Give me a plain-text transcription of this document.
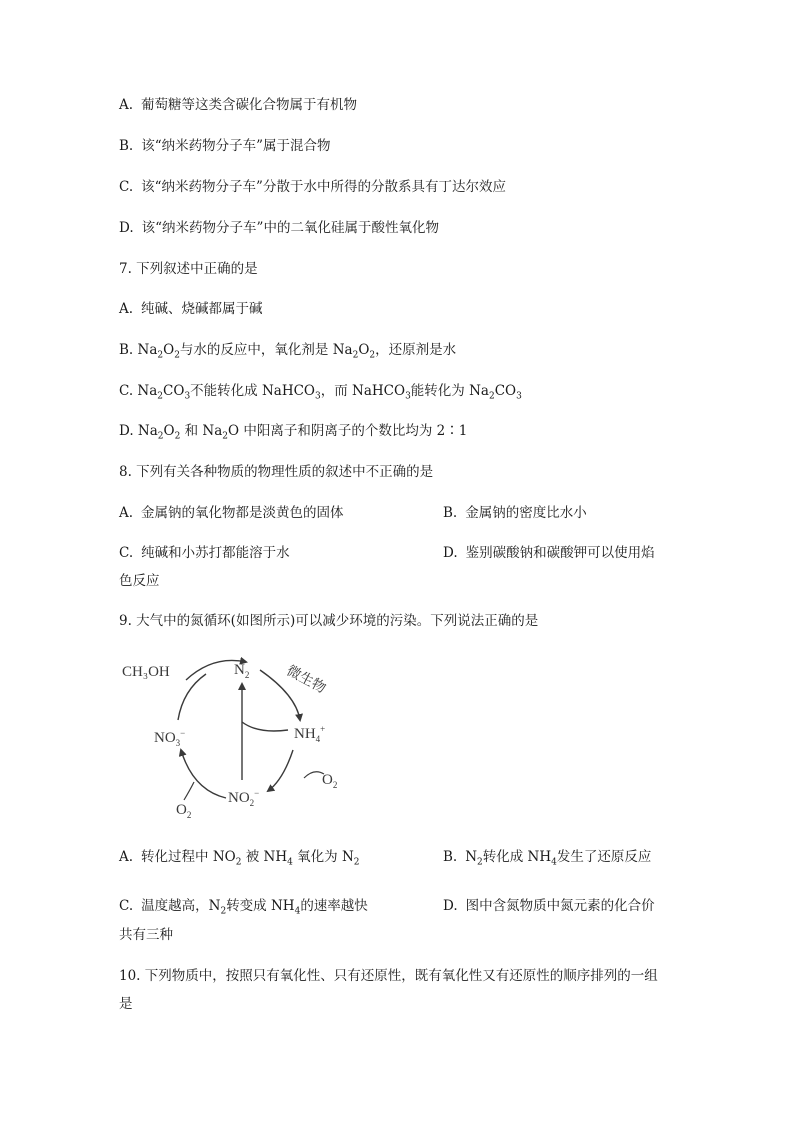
A. 葡萄糖等这类含碳化合物属于有机物
B. 该“纳米药物分子车”属于混合物
C. 该“纳米药物分子车”分散于水中所得的分散系具有丁达尔效应
D. 该“纳米药物分子车”中的二氧化硅属于酸性氧化物
7. 下列叙述中正确的是
A. 纯碱、烧碱都属于碱
B. $Na_2O_2$与水的反应中，氧化剂是 $Na_2O_2$，还原剂是水
C. $Na_2CO_3$不能转化成 NaHCO$_3$，而 NaHCO$_3$能转化为 $Na_2CO_3$
D. $Na_2O_2$ 和 $Na_2O$ 中阳离子和阴离子的个数比均为 2∶1
8. 下列有关各种物质的物理性质的叙述中不正确的是
A. 金属钠的氧化物都是淡黄色的固体	B. 金属钠的密度比水小
C. 纯碱和小苏打都能溶于水	D. 鉴别碳酸钠和碳酸钾可以使用焰
色反应
9. 大气中的氮循环(如图所示)可以减少环境的污染。下列说法正确的是
CH₃OH	$N_2$ 微生物
$NH_4^+$
$NO_3^-$
$NO_2^-$
$O_2$
$O_2$
A. 转化过程中 $NO_2$ 被 $NH_4$ 氧化为 $N_2$	B. $N_2$转化成 $NH_4$发生了还原反应
C. 温度越高，$N_2$转变成 $NH_4$的速率越快	D. 图中含氮物质中氮元素的化合价
共有三种
10. 下列物质中，按照只有氧化性、只有还原性，既有氧化性又有还原性的顺序排列的一组
是
